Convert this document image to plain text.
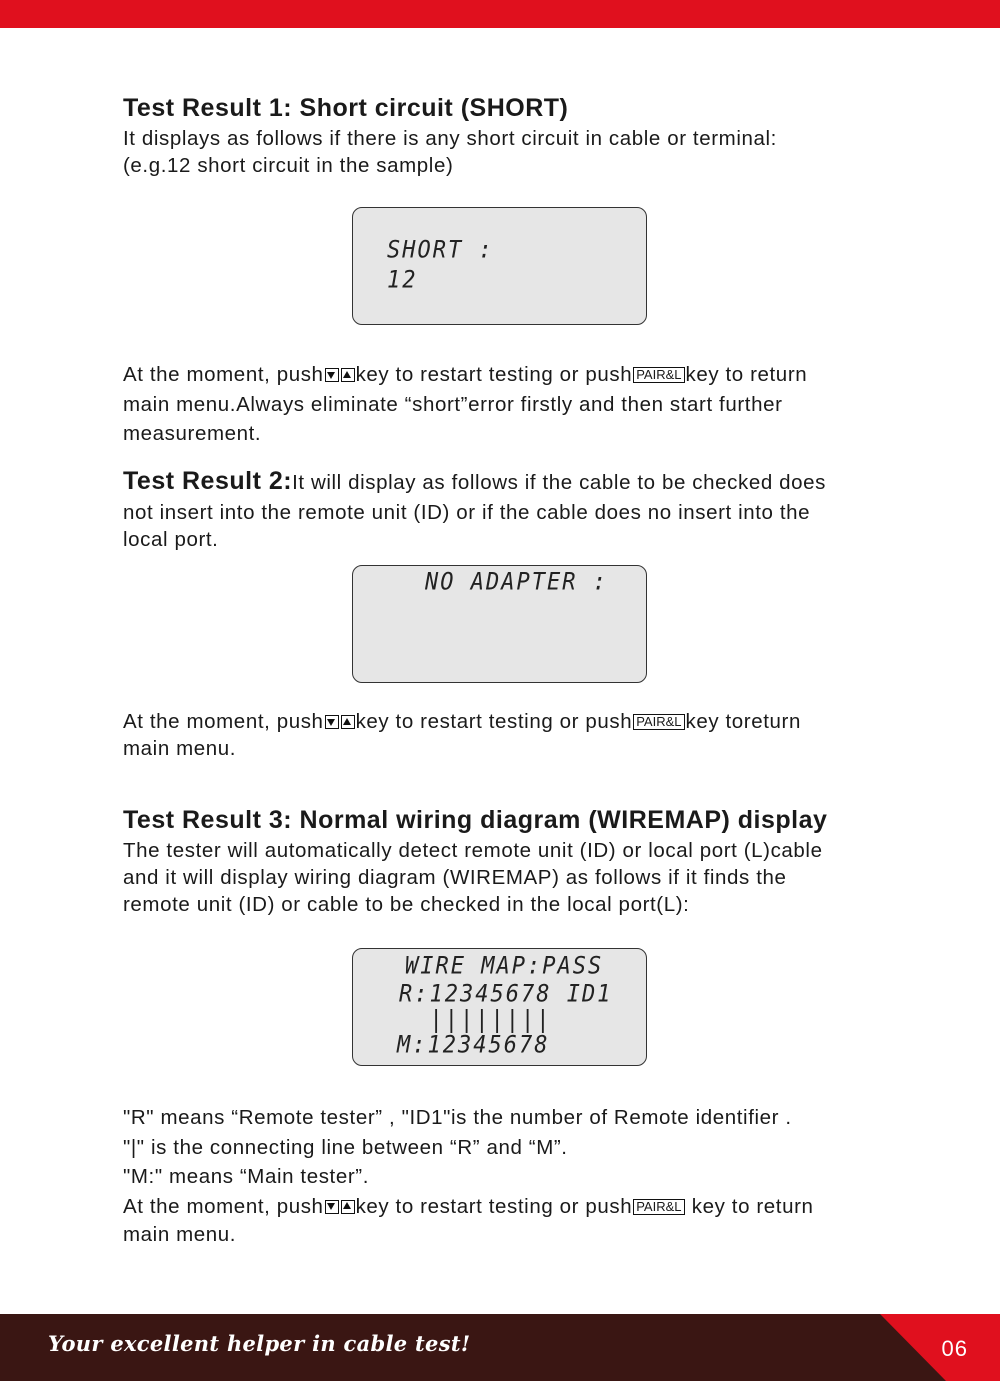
Test Result 1: Short circuit (SHORT)
It displays as follows if there is any short circuit in cable or terminal:
(e.g.12 short circuit in the sample)
At the moment, push key to restart testing or push PAIR&L key to return
main menu.Always eliminate “short”error firstly and then start further
measurement.
Test Result 2:It will display as follows if the cable to be checked does
not insert into the remote unit (ID) or if the cable does no insert into the
local port.
At the moment, push key to restart testing or push PAIR&L key toreturn
main menu.
Test Result 3: Normal wiring diagram (WIREMAP) display
The tester will automatically detect remote unit (ID) or local port (L)cable
and it will display wiring diagram (WIREMAP) as follows if it finds the
remote unit (ID) or cable to be checked in the local port(L):
"R" means “Remote tester” , "ID1"is the number of Remote identifier .
"|" is the connecting line between “R” and “M”.
"M:" means “Main tester”.
At the moment, push key to restart testing or push PAIR&L key to return
main menu.
SHORT :
12
NO ADAPTER :
WIRE MAP:PASS
R:12345678 ID1
||||||||
M:12345678
Your excellent helper in cable test!	06
